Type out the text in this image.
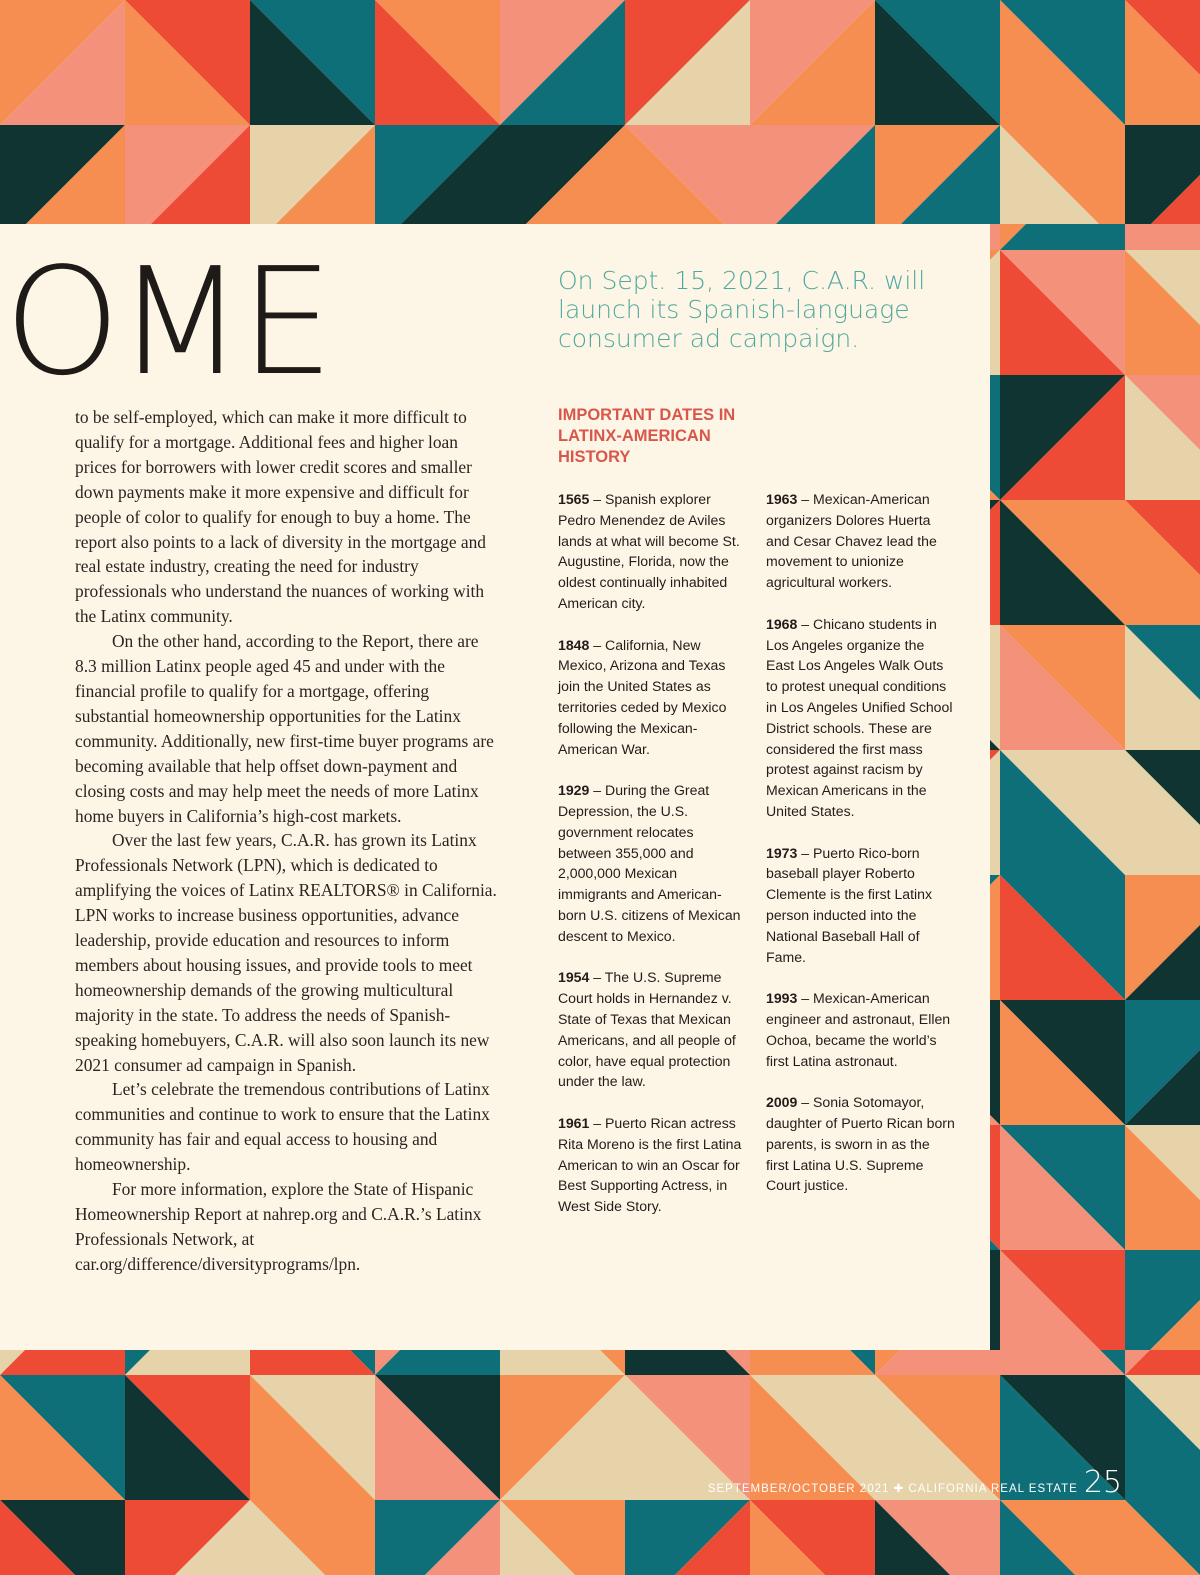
OME	On Sept. 15, 2021, C.A.R. will launch its Spanish-language consumer ad campaign.

to be self-employed, which can make it more difficult to qualify for a mortgage. Additional fees and higher loan prices for borrowers with lower credit scores and smaller down payments make it more expensive and difficult for people of color to qualify for enough to buy a home. The report also points to a lack of diversity in the mortgage and real estate industry, creating the need for industry professionals who understand the nuances of working with the Latinx community.

On the other hand, according to the Report, there are 8.3 million Latinx people aged 45 and under with the financial profile to qualify for a mortgage, offering substantial homeownership opportunities for the Latinx community. Additionally, new first-time buyer programs are becoming available that help offset down-payment and closing costs and may help meet the needs of more Latinx home buyers in California’s high-cost markets.

Over the last few years, C.A.R. has grown its Latinx Professionals Network (LPN), which is dedicated to amplifying the voices of Latinx REALTORS® in California. LPN works to increase business opportunities, advance leadership, provide education and resources to inform members about housing issues, and provide tools to meet homeownership demands of the growing multicultural majority in the state. To address the needs of Spanish-speaking homebuyers, C.A.R. will also soon launch its new 2021 consumer ad campaign in Spanish.

Let’s celebrate the tremendous contributions of Latinx communities and continue to work to ensure that the Latinx community has fair and equal access to housing and homeownership.

For more information, explore the State of Hispanic Homeownership Report at nahrep.org and C.A.R.’s Latinx Professionals Network, at car.org/difference/diversityprograms/lpn.

IMPORTANT DATES IN LATINX-AMERICAN HISTORY

1565 – Spanish explorer Pedro Menendez de Aviles lands at what will become St. Augustine, Florida, now the oldest continually inhabited American city.

1848 – California, New Mexico, Arizona and Texas join the United States as territories ceded by Mexico following the Mexican-American War.

1929 – During the Great Depression, the U.S. government relocates between 355,000 and 2,000,000 Mexican immigrants and American-born U.S. citizens of Mexican descent to Mexico.

1954 – The U.S. Supreme Court holds in Hernandez v. State of Texas that Mexican Americans, and all people of color, have equal protection under the law.

1961 – Puerto Rican actress Rita Moreno is the first Latina American to win an Oscar for Best Supporting Actress, in West Side Story.

1963 – Mexican-American organizers Dolores Huerta and Cesar Chavez lead the movement to unionize agricultural workers.

1968 – Chicano students in Los Angeles organize the East Los Angeles Walk Outs to protest unequal conditions in Los Angeles Unified School District schools. These are considered the first mass protest against racism by Mexican Americans in the United States.

1973 – Puerto Rico-born baseball player Roberto Clemente is the first Latinx person inducted into the National Baseball Hall of Fame.

1993 – Mexican-American engineer and astronaut, Ellen Ochoa, became the world’s first Latina astronaut.

2009 – Sonia Sotomayor, daughter of Puerto Rican born parents, is sworn in as the first Latina U.S. Supreme Court justice.

SEPTEMBER/OCTOBER 2021 ✚ CALIFORNIA REAL ESTATE 25
